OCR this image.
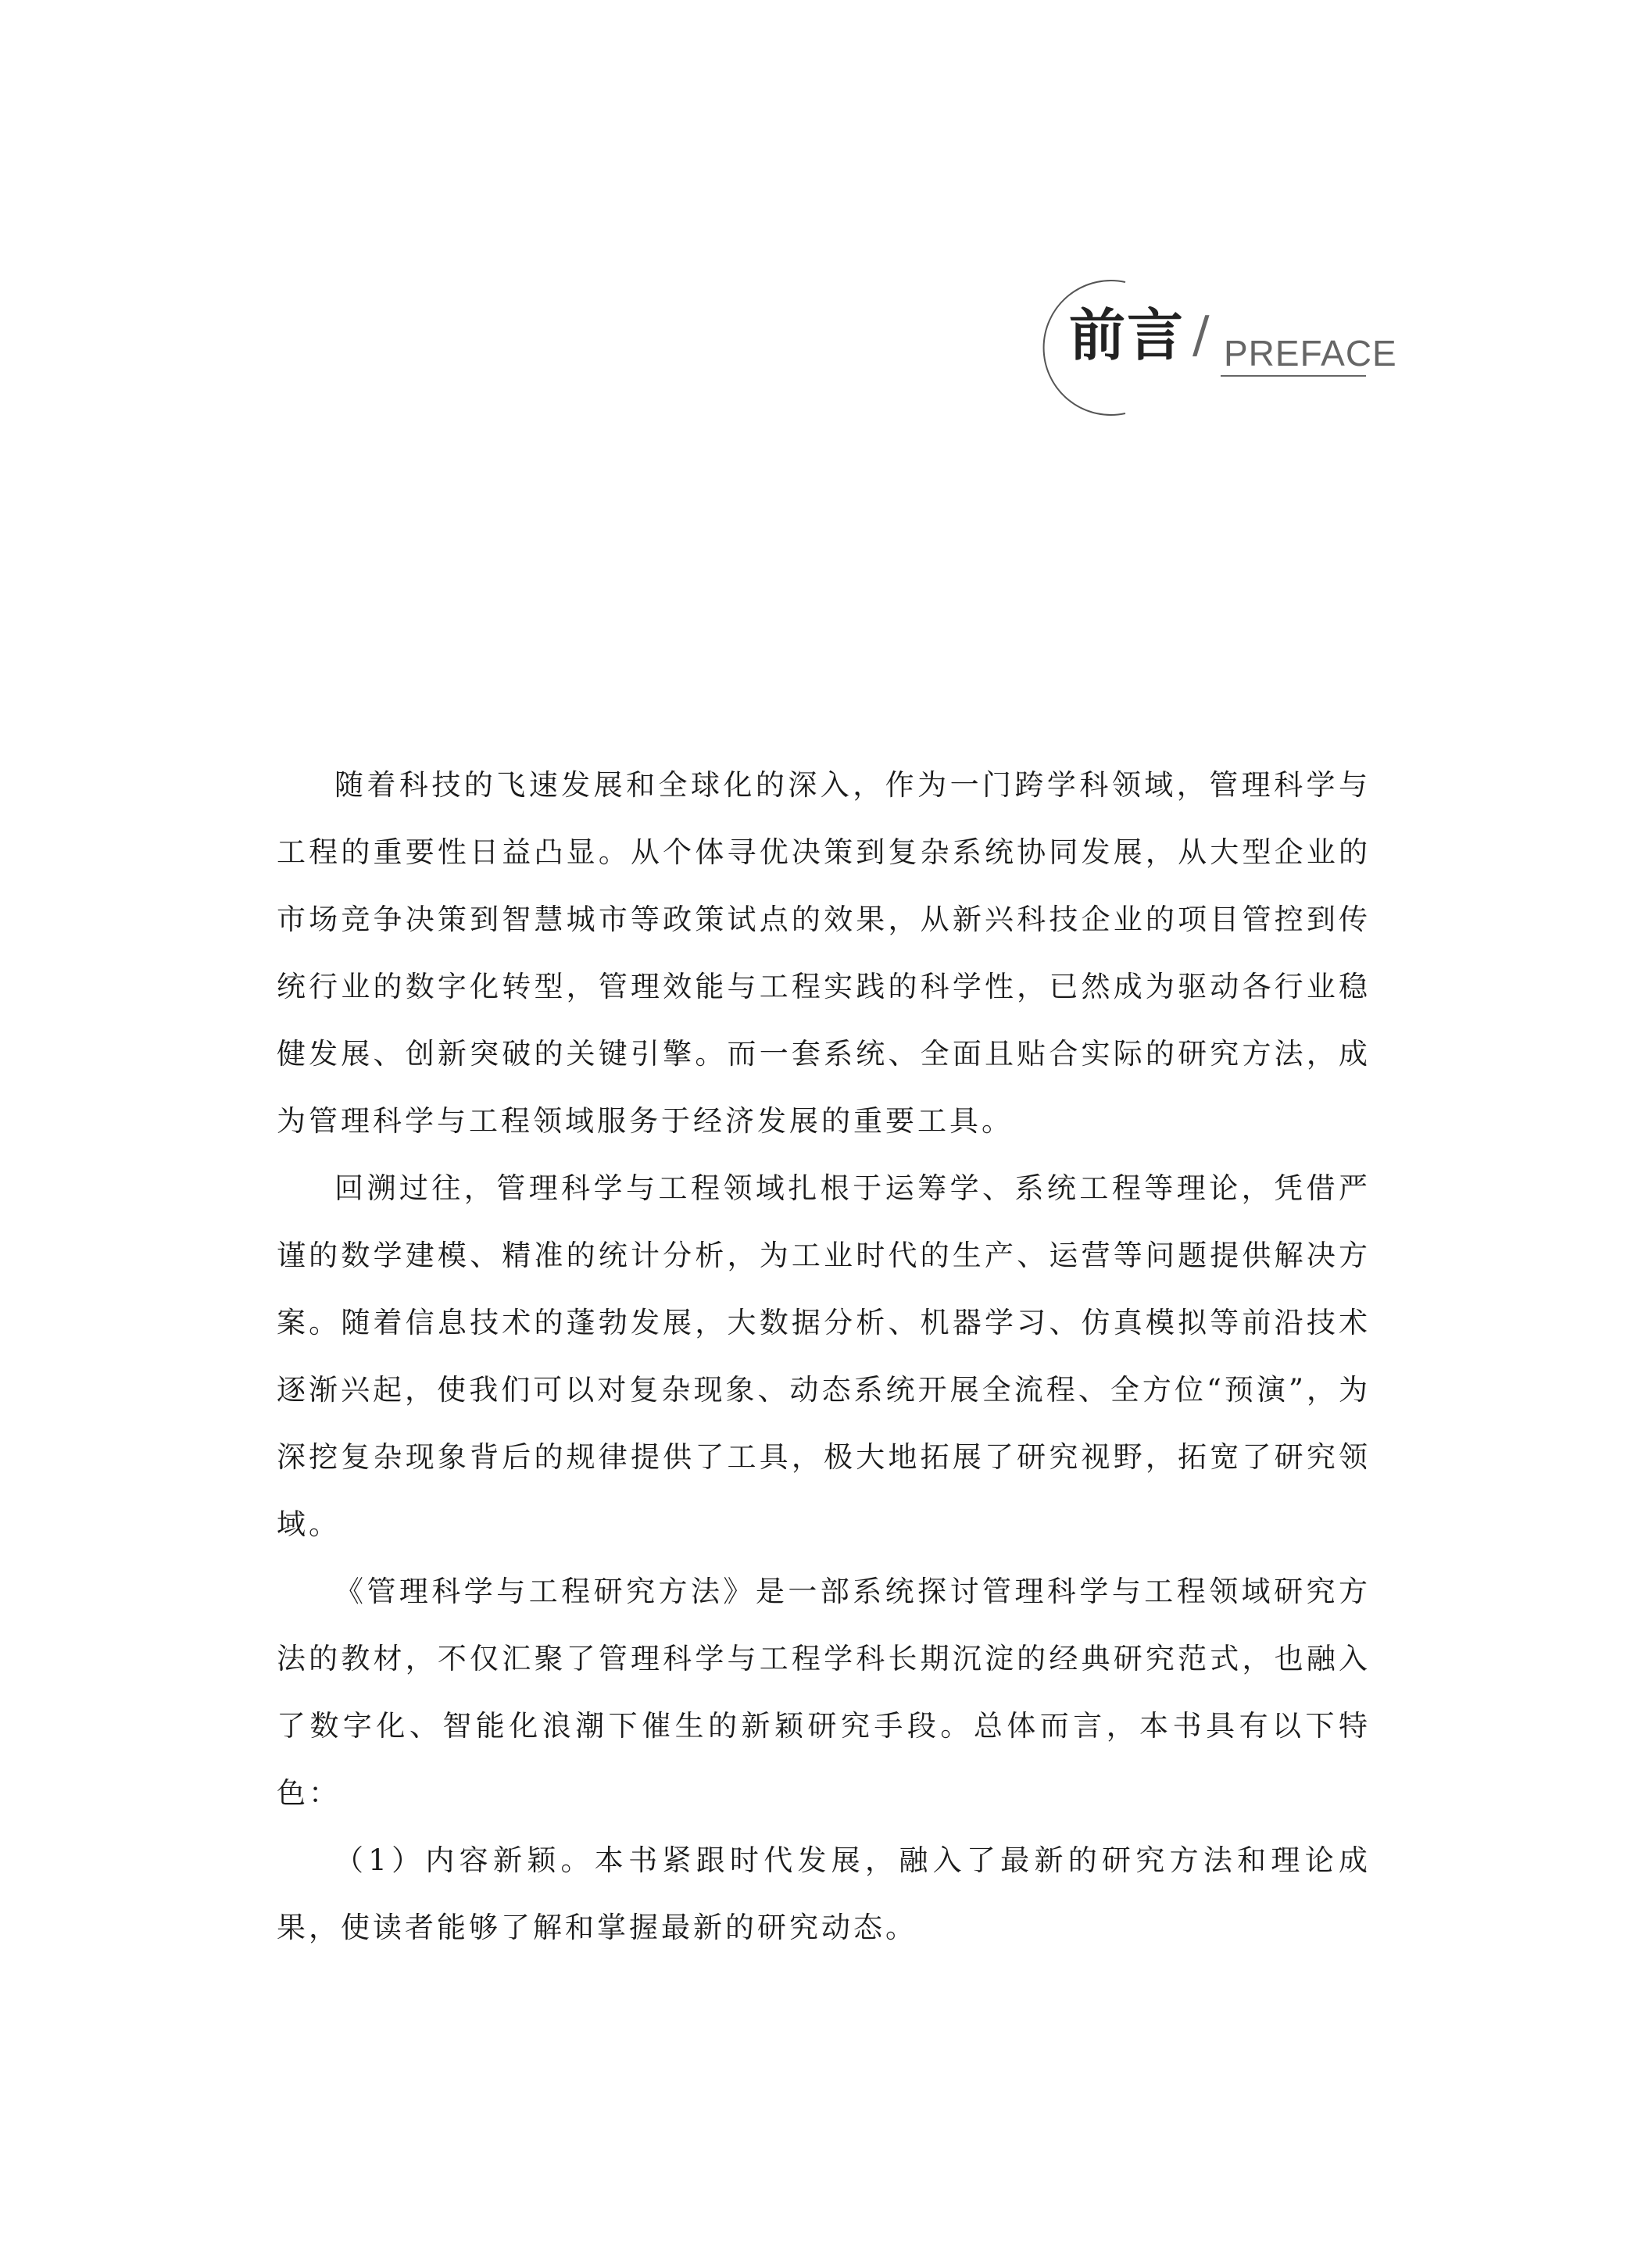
前言 / PREFACE

随着科技的飞速发展和全球化的深入，作为一门跨学科领域，管理科学与工程的重要性日益凸显。从个体寻优决策到复杂系统协同发展，从大型企业的市场竞争决策到智慧城市等政策试点的效果，从新兴科技企业的项目管控到传统行业的数字化转型，管理效能与工程实践的科学性，已然成为驱动各行业稳健发展、创新突破的关键引擎。而一套系统、全面且贴合实际的研究方法，成为管理科学与工程领域服务于经济发展的重要工具。

回溯过往，管理科学与工程领域扎根于运筹学、系统工程等理论，凭借严谨的数学建模、精准的统计分析，为工业时代的生产、运营等问题提供解决方案。随着信息技术的蓬勃发展，大数据分析、机器学习、仿真模拟等前沿技术逐渐兴起，使我们可以对复杂现象、动态系统开展全流程、全方位“预演”，为深挖复杂现象背后的规律提供了工具，极大地拓展了研究视野，拓宽了研究领域。

《管理科学与工程研究方法》是一部系统探讨管理科学与工程领域研究方法的教材，不仅汇聚了管理科学与工程学科长期沉淀的经典研究范式，也融入了数字化、智能化浪潮下催生的新颖研究手段。总体而言，本书具有以下特色：

（1）内容新颖。本书紧跟时代发展，融入了最新的研究方法和理论成果，使读者能够了解和掌握最新的研究动态。
